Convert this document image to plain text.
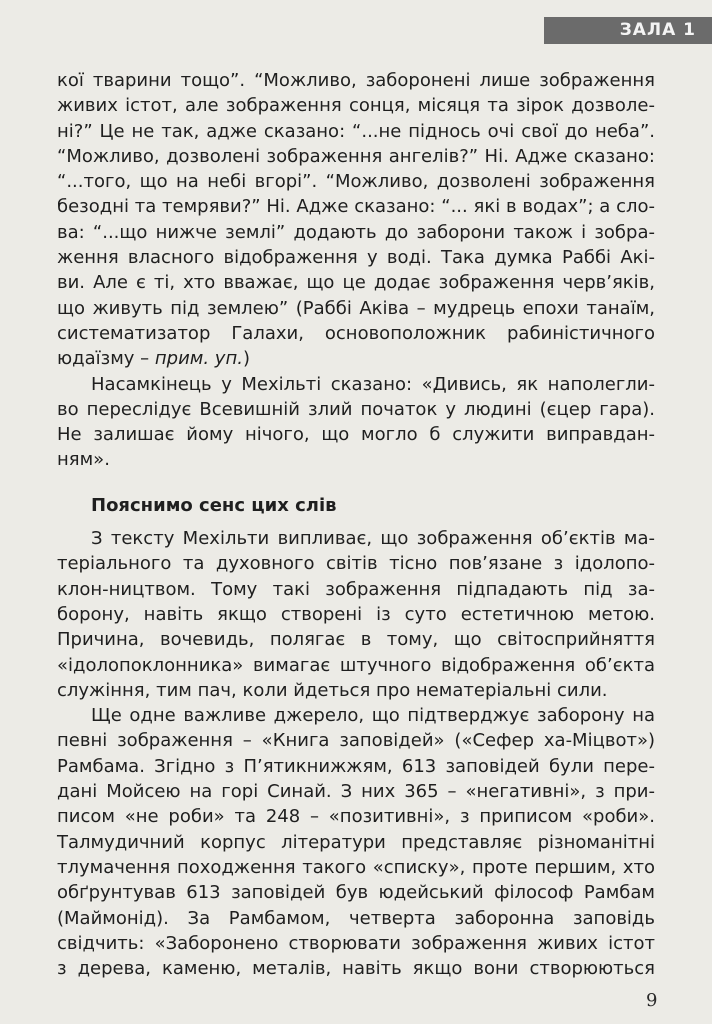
ЗАЛА 1

кої тварини тощо”. “Можливо, заборонені лише зображення

живих істот, але зображення сонця, місяця та зірок дозволе-

ні?” Це не так, адже сказано: “...не піднось очі свої до неба”.

“Можливо, дозволені зображення ангелів?” Ні. Адже сказано:

“...того, що на небі вгорі”. “Можливо, дозволені зображення

безодні та темряви?” Ні. Адже сказано: “... які в водах”; а сло-

ва: “...що нижче землі” додають до заборони також і зобра-

ження власного відображення у воді. Така думка Раббі Акі-

ви. Але є ті, хто вважає, що це додає зображення черв’яків,

що живуть під землею” (Раббі Аківа – мудрець епохи танаїм,

систематизатор Галахи, основоположник рабиністичного

юдаїзму – прим. уп.)

Насамкінець у Мехільті сказано: «Дивись, як наполегли-

во переслідує Всевишній злий початок у людині (єцер гара).

Не залишає йому нічого, що могло б служити виправдан-

ням».

Пояснимо сенс цих слів

З тексту Мехільти випливає, що зображення об’єктів ма-

теріального та духовного світів тісно пов’язане з ідолопо-

клон-ництвом. Тому такі зображення підпадають під за-

борону, навіть якщо створені із суто естетичною метою.

Причина, вочевидь, полягає в тому, що світосприйняття

«ідолопоклонника» вимагає штучного відображення об’єкта

служіння, тим пач, коли йдеться про нематеріальні сили.

Ще одне важливе джерело, що підтверджує заборону на

певні зображення – «Книга заповідей» («Сефер ха-Міцвот»)

Рамбама. Згідно з П’ятикнижжям, 613 заповідей були пере-

дані Мойсею на горі Синай. З них 365 – «негативні», з при-

писом «не роби» та 248 – «позитивні», з приписом «роби».

Талмудичний корпус літератури представляє різноманітні

тлумачення походження такого «списку», проте першим, хто

обґрунтував 613 заповідей був юдейський філософ Рамбам

(Маймонід). За Рамбамом, четверта заборонна заповідь

свідчить: «Заборонено створювати зображення живих істот

з дерева, каменю, металів, навіть якщо вони створюються

9
